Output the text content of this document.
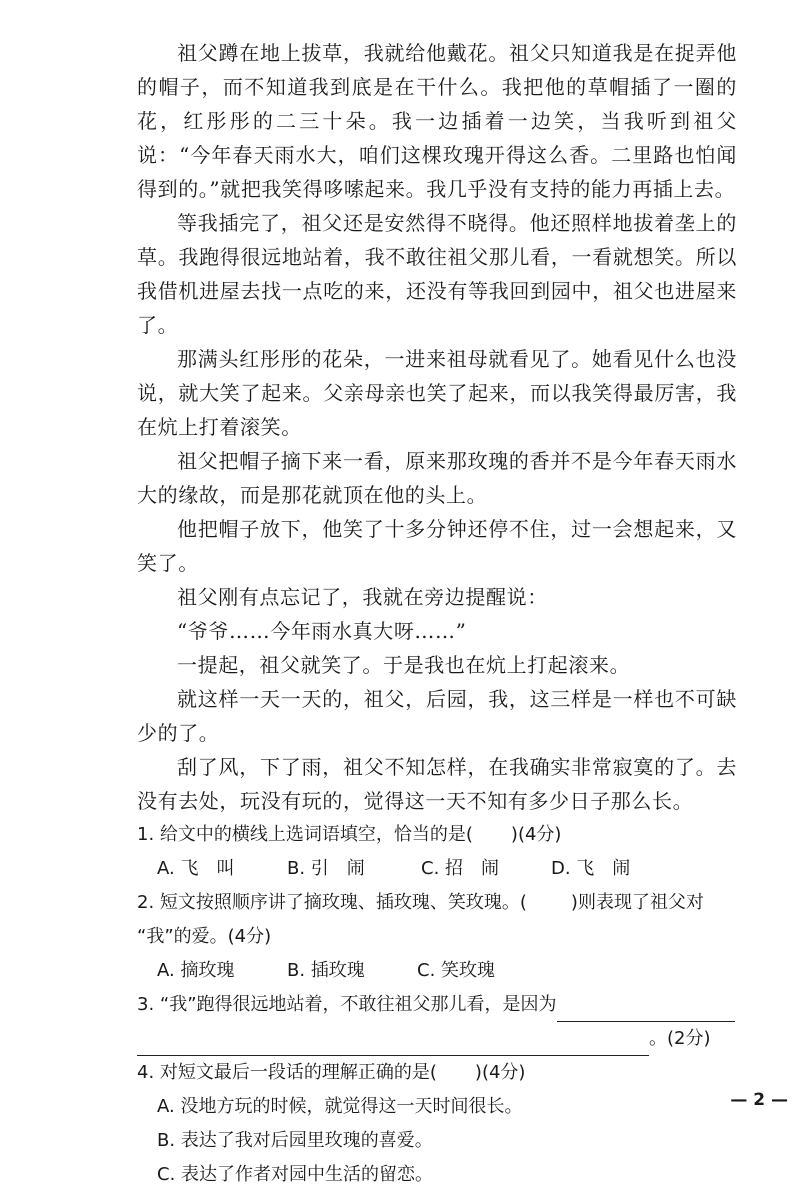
祖父蹲在地上拔草，我就给他戴花。祖父只知道我是在捉弄他的帽子，而不知道我到底是在干什么。我把他的草帽插了一圈的花，红彤彤的二三十朵。我一边插着一边笑，当我听到祖父说：“今年春天雨水大，咱们这棵玫瑰开得这么香。二里路也怕闻得到的。”就把我笑得哆嗦起来。我几乎没有支持的能力再插上去。

等我插完了，祖父还是安然得不晓得。他还照样地拔着垄上的草。我跑得很远地站着，我不敢往祖父那儿看，一看就想笑。所以我借机进屋去找一点吃的来，还没有等我回到园中，祖父也进屋来了。

那满头红彤彤的花朵，一进来祖母就看见了。她看见什么也没说，就大笑了起来。父亲母亲也笑了起来，而以我笑得最厉害，我在炕上打着滚笑。

祖父把帽子摘下来一看，原来那玫瑰的香并不是今年春天雨水大的缘故，而是那花就顶在他的头上。

他把帽子放下，他笑了十多分钟还停不住，过一会想起来，又笑了。

祖父刚有点忘记了，我就在旁边提醒说：

“爷爷……今年雨水真大呀……”

一提起，祖父就笑了。于是我也在炕上打起滚来。

就这样一天一天的，祖父，后园，我，这三样是一样也不可缺少的了。

刮了风，下了雨，祖父不知怎样，在我确实非常寂寞的了。去没有去处，玩没有玩的，觉得这一天不知有多少日子那么长。

1. 给文中的横线上选词语填空，恰当的是( )(4分)
A. 飞　叫	B. 引　闹	C. 招　闹	D. 飞　闹
2. 短文按照顺序讲了摘玫瑰、插玫瑰、笑玫瑰。( )则表现了祖父对
“我”的爱。(4分)
A. 摘玫瑰	B. 插玫瑰	C. 笑玫瑰
3. “我”跑得很远地站着，不敢往祖父那儿看，是因为
。(2分)
4. 对短文最后一段话的理解正确的是( )(4分)
A. 没地方玩的时候，就觉得这一天时间很长。
B. 表达了我对后园里玫瑰的喜爱。
C. 表达了作者对园中生活的留恋。
— 2 —
